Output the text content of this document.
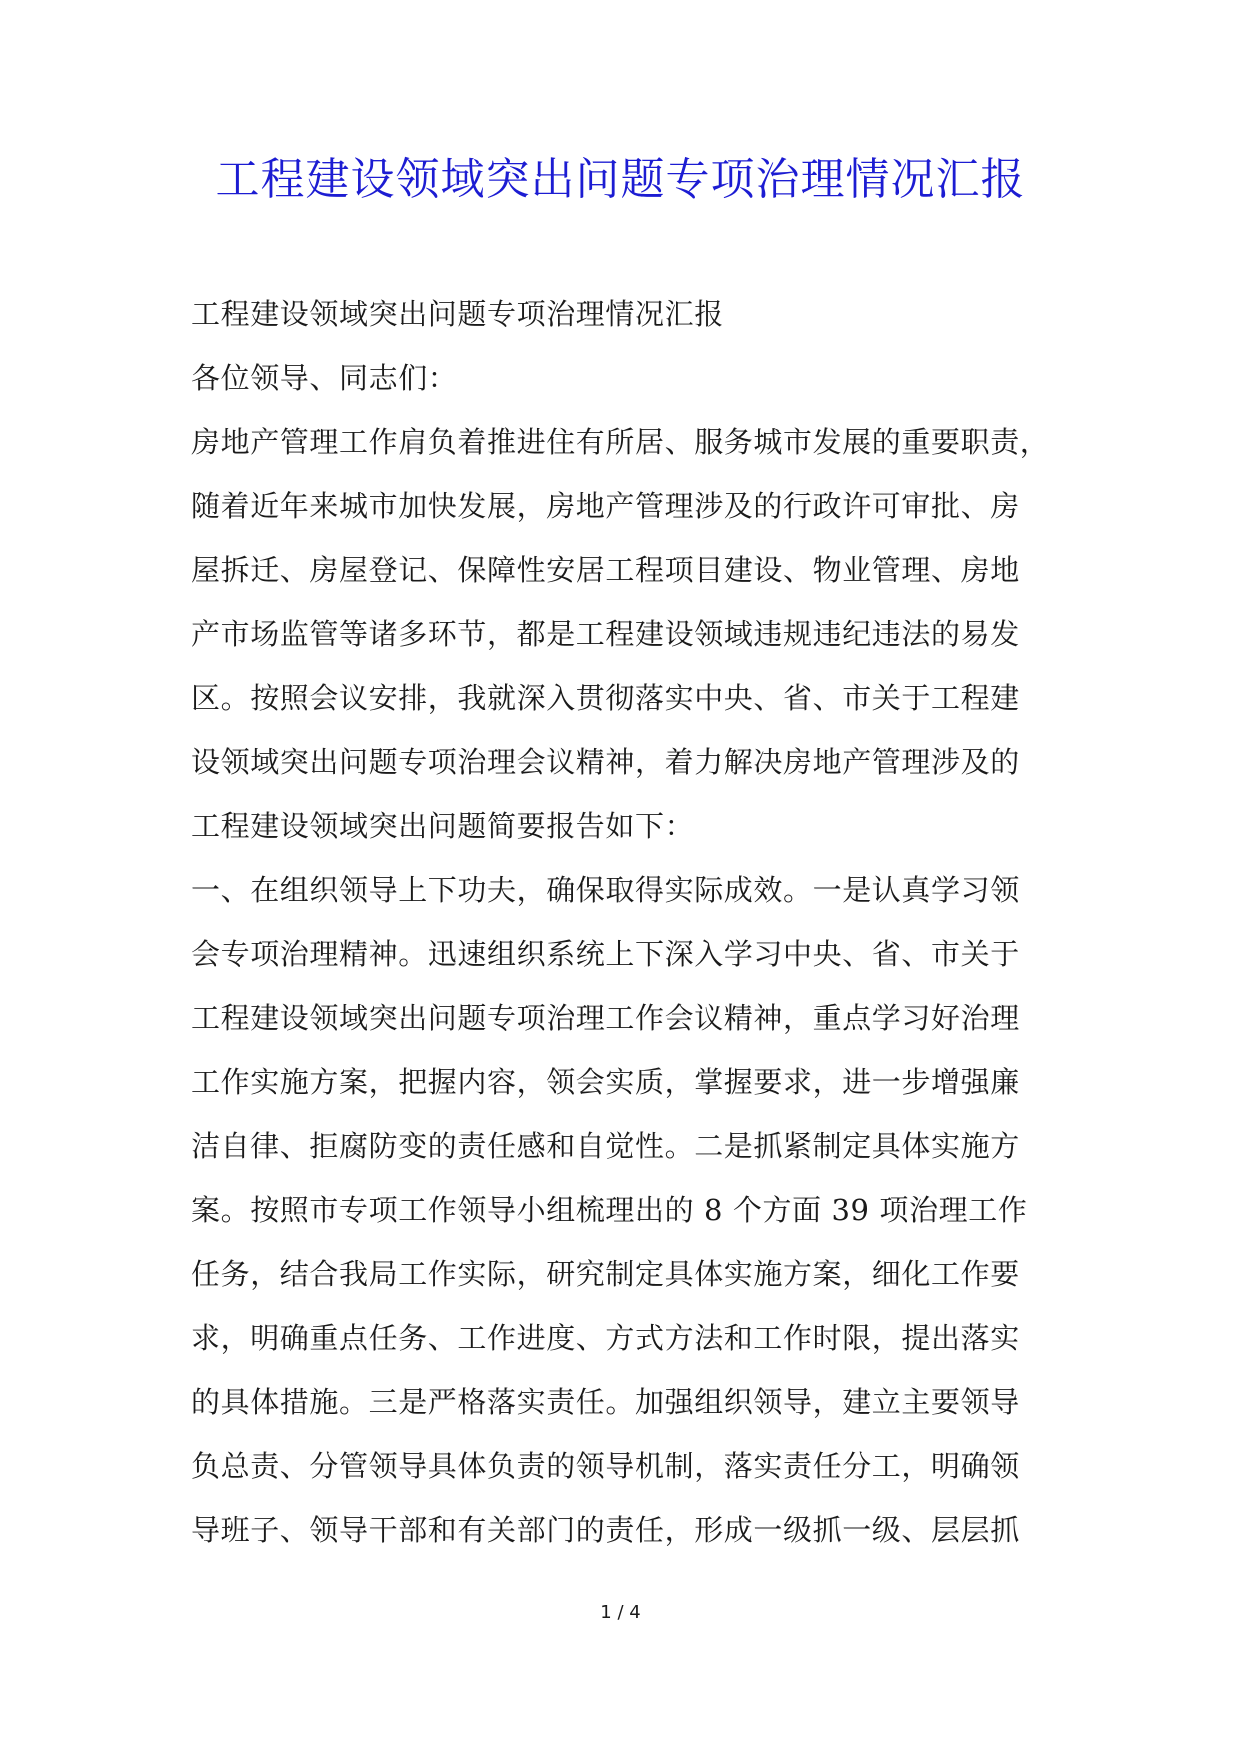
工程建设领域突出问题专项治理情况汇报
工程建设领域突出问题专项治理情况汇报
各位领导、同志们：
房地产管理工作肩负着推进住有所居、服务城市发展的重要职责，
随着近年来城市加快发展，房地产管理涉及的行政许可审批、房
屋拆迁、房屋登记、保障性安居工程项目建设、物业管理、房地
产市场监管等诸多环节，都是工程建设领域违规违纪违法的易发
区。按照会议安排，我就深入贯彻落实中央、省、市关于工程建
设领域突出问题专项治理会议精神，着力解决房地产管理涉及的
工程建设领域突出问题简要报告如下：
一、在组织领导上下功夫，确保取得实际成效。一是认真学习领
会专项治理精神。迅速组织系统上下深入学习中央、省、市关于
工程建设领域突出问题专项治理工作会议精神，重点学习好治理
工作实施方案，把握内容，领会实质，掌握要求，进一步增强廉
洁自律、拒腐防变的责任感和自觉性。二是抓紧制定具体实施方
案。按照市专项工作领导小组梳理出的 8 个方面 39 项治理工作
任务，结合我局工作实际，研究制定具体实施方案，细化工作要
求，明确重点任务、工作进度、方式方法和工作时限，提出落实
的具体措施。三是严格落实责任。加强组织领导，建立主要领导
负总责、分管领导具体负责的领导机制，落实责任分工，明确领
导班子、领导干部和有关部门的责任，形成一级抓一级、层层抓
1 / 4
